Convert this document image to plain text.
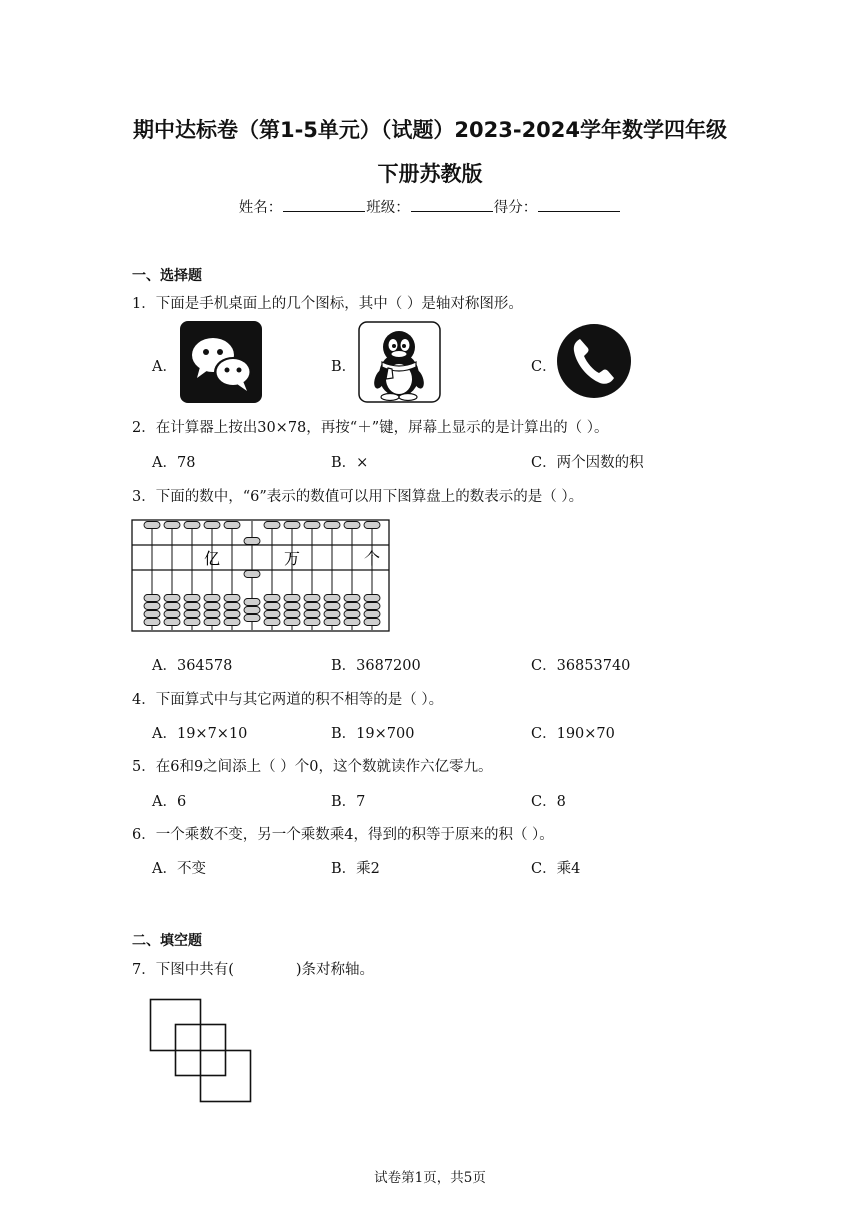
期中达标卷（第1-5单元）（试题）2023-2024学年数学四年级
下册苏教版
姓名：	班级：	得分：
一、选择题
1．下面是手机桌面上的几个图标，其中（ ）是轴对称图形。
A．	B．	C．
2．在计算器上按出30×78，再按“＋”键，屏幕上显示的是计算出的（ ）。
A．78	B．×	C．两个因数的积
3．下面的数中，“6”表示的数值可以用下图算盘上的数表示的是（ ）。
亿	万	个
A．364578	B．3687200	C．36853740
4．下面算式中与其它两道的积不相等的是（ ）。
A．19×7×10	B．19×700	C．190×70
5．在6和9之间添上（ ）个0，这个数就读作六亿零九。
A．6	B．7	C．8
6．一个乘数不变，另一个乘数乘4，得到的积等于原来的积（ ）。
A．不变	B．乘2	C．乘4
二、填空题
7．下图中共有(	)条对称轴。
试卷第1页，共5页
